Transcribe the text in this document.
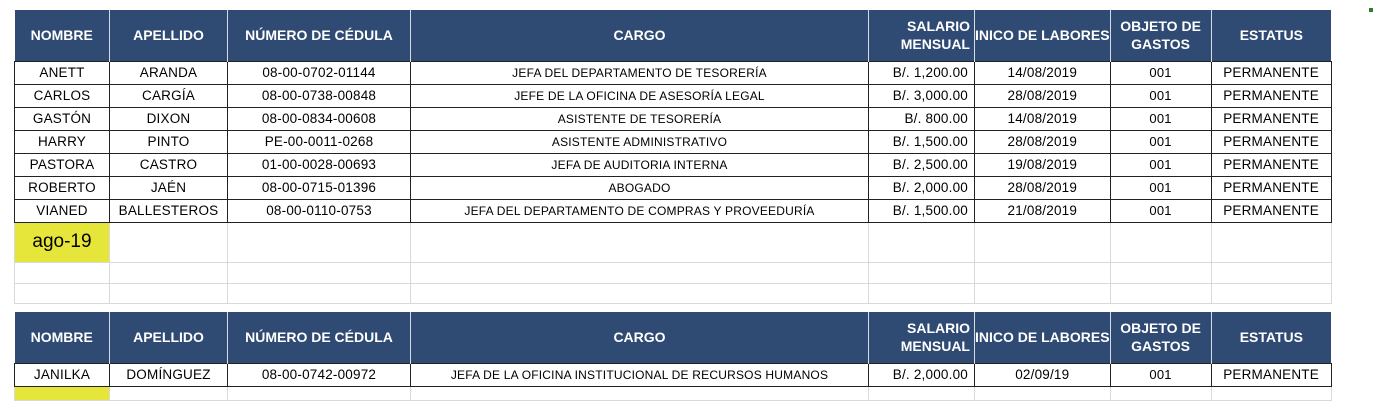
NOMBRE	APELLIDO	NÚMERO DE CÉDULA	CARGO	SALARIO MENSUAL	INICO DE LABORES	OBJETO DE GASTOS	ESTATUS
ANETT	ARANDA	08-00-0702-01144	JEFA DEL DEPARTAMENTO DE TESORERÍA	B/. 1,200.00	14/08/2019	001	PERMANENTE
CARLOS	CARGÍA	08-00-0738-00848	JEFE DE LA OFICINA DE ASESORÍA LEGAL	B/. 3,000.00	28/08/2019	001	PERMANENTE
GASTÓN	DIXON	08-00-0834-00608	ASISTENTE DE TESORERÍA	B/. 800.00	14/08/2019	001	PERMANENTE
HARRY	PINTO	PE-00-0011-0268	ASISTENTE ADMINISTRATIVO	B/. 1,500.00	28/08/2019	001	PERMANENTE
PASTORA	CASTRO	01-00-0028-00693	JEFA DE AUDITORIA INTERNA	B/. 2,500.00	19/08/2019	001	PERMANENTE
ROBERTO	JAÉN	08-00-0715-01396	ABOGADO	B/. 2,000.00	28/08/2019	001	PERMANENTE
VIANED	BALLESTEROS	08-00-0110-0753	JEFA DEL DEPARTAMENTO DE COMPRAS Y PROVEEDURÍA	B/. 1,500.00	21/08/2019	001	PERMANENTE
ago-19							

NOMBRE	APELLIDO	NÚMERO DE CÉDULA	CARGO	SALARIO MENSUAL	INICO DE LABORES	OBJETO DE GASTOS	ESTATUS
JANILKA	DOMÍNGUEZ	08-00-0742-00972	JEFA DE LA OFICINA INSTITUCIONAL DE RECURSOS HUMANOS	B/. 2,000.00	02/09/19	001	PERMANENTE
